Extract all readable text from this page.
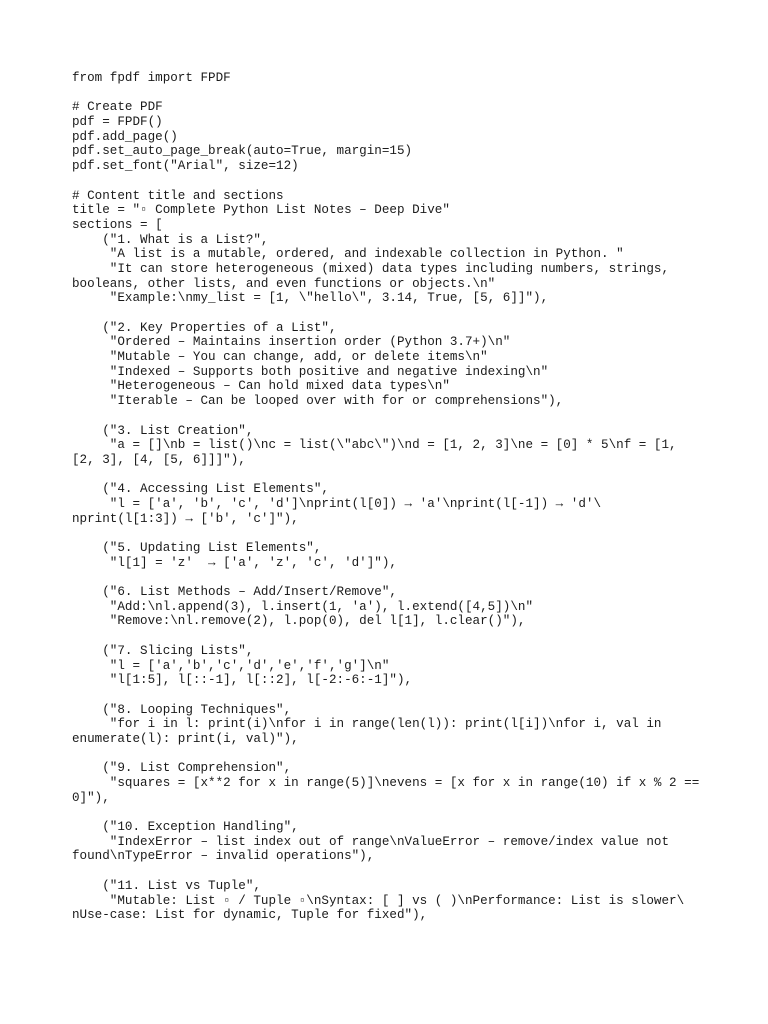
from fpdf import FPDF
# Create PDF
pdf = FPDF()
pdf.add_page()
pdf.set_auto_page_break(auto=True, margin=15)
pdf.set_font("Arial", size=12)
# Content title and sections
title = "▫ Complete Python List Notes – Deep Dive"
sections = [
("1. What is a List?",
"A list is a mutable, ordered, and indexable collection in Python. "
"It can store heterogeneous (mixed) data types including numbers, strings,
booleans, other lists, and even functions or objects.\n"
"Example:\nmy_list = [1, \"hello\", 3.14, True, [5, 6]]"),
("2. Key Properties of a List",
"Ordered – Maintains insertion order (Python 3.7+)\n"
"Mutable – You can change, add, or delete items\n"
"Indexed – Supports both positive and negative indexing\n"
"Heterogeneous – Can hold mixed data types\n"
"Iterable – Can be looped over with for or comprehensions"),
("3. List Creation",
"a = []\nb = list()\nc = list(\"abc\")\nd = [1, 2, 3]\ne = [0] * 5\nf = [1,
[2, 3], [4, [5, 6]]]"),
("4. Accessing List Elements",
"l = ['a', 'b', 'c', 'd']\nprint(l[0]) → 'a'\nprint(l[-1]) → 'd'\
nprint(l[1:3]) → ['b', 'c']"),
("5. Updating List Elements",
"l[1] = 'z'  → ['a', 'z', 'c', 'd']"),
("6. List Methods – Add/Insert/Remove",
"Add:\nl.append(3), l.insert(1, 'a'), l.extend([4,5])\n"
"Remove:\nl.remove(2), l.pop(0), del l[1], l.clear()"),
("7. Slicing Lists",
"l = ['a','b','c','d','e','f','g']\n"
"l[1:5], l[::-1], l[::2], l[-2:-6:-1]"),
("8. Looping Techniques",
"for i in l: print(i)\nfor i in range(len(l)): print(l[i])\nfor i, val in
enumerate(l): print(i, val)"),
("9. List Comprehension",
"squares = [x**2 for x in range(5)]\nevens = [x for x in range(10) if x % 2 ==
0]"),
("10. Exception Handling",
"IndexError – list index out of range\nValueError – remove/index value not
found\nTypeError – invalid operations"),
("11. List vs Tuple",
"Mutable: List ▫ / Tuple ▫\nSyntax: [ ] vs ( )\nPerformance: List is slower\
nUse-case: List for dynamic, Tuple for fixed"),
